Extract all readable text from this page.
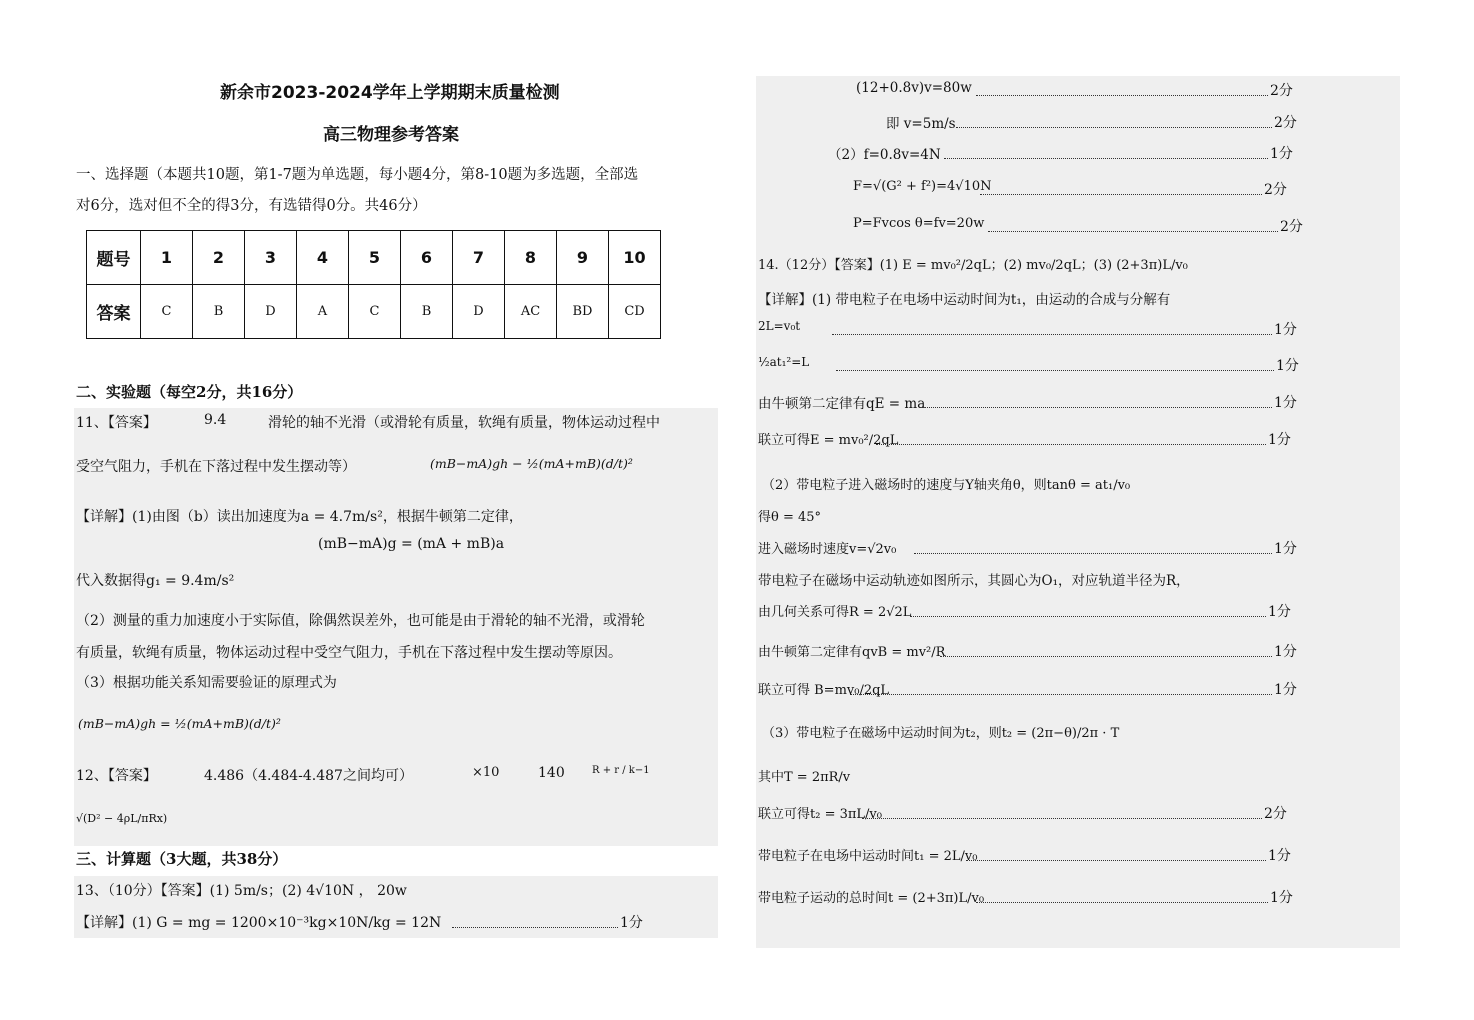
新余市2023-2024学年上学期期末质量检测
高三物理参考答案
一、选择题（本题共10题，第1-7题为单选题，每小题4分，第8-10题为多选题，全部选
对6分，选对但不全的得3分，有选错得0分。共46分）
题号	1	2	3	4	5	6	7	8	9	10
答案	C	B	D	A	C	B	D	AC	BD	CD
二、实验题（每空2分，共16分）
11、【答案】	9.4	滑轮的轴不光滑（或滑轮有质量，软绳有质量，物体运动过程中
受空气阻力，手机在下落过程中发生摆动等）	(mB−mA)gh − ½(mA+mB)(d/t)²
【详解】(1)由图（b）读出加速度为a = 4.7m/s²，根据牛顿第二定律，
(mB−mA)g = (mA + mB)a
代入数据得g₁ = 9.4m/s²
（2）测量的重力加速度小于实际值，除偶然误差外，也可能是由于滑轮的轴不光滑，或滑轮
有质量，软绳有质量，物体运动过程中受空气阻力，手机在下落过程中发生摆动等原因。
（3）根据功能关系知需要验证的原理式为
(mB−mA)gh = ½(mA+mB)(d/t)²
12、【答案】	4.486（4.484-4.487之间均可）	×10	140	R + r / k−1
√(D² − 4ρL/πRx)
三、计算题（3大题，共38分）
13、（10分）【答案】(1) 5m/s；(2) 4√10N ， 20w
【详解】(1) G = mg = 1200×10⁻³kg×10N/kg = 12N	1分
(12+0.8v)v=80w	2分
即 v=5m/s	2分
（2）f=0.8v=4N	1分
F=√(G² + f²)=4√10N	2分
P=Fvcos θ=fv=20w	2分
14.（12分）【答案】(1) E = mv₀²/2qL；(2) mv₀/2qL；(3) (2+3π)L/v₀
【详解】(1) 带电粒子在电场中运动时间为t₁，由运动的合成与分解有
2L=v₀t	1分
½at₁²=L	1分
由牛顿第二定律有qE = ma	1分
联立可得E = mv₀²/2qL	1分
（2）带电粒子进入磁场时的速度与Y轴夹角θ，则tanθ = at₁/v₀
得θ = 45°
进入磁场时速度v=√2v₀	1分
带电粒子在磁场中运动轨迹如图所示，其圆心为O₁，对应轨道半径为R，
由几何关系可得R = 2√2L	1分
由牛顿第二定律有qvB = mv²/R	1分
联立可得 B=mv₀/2qL	1分
（3）带电粒子在磁场中运动时间为t₂，则t₂ = (2π−θ)/2π · T
其中T = 2πR/v
联立可得t₂ = 3πL/v₀	2分
带电粒子在电场中运动时间t₁ = 2L/v₀	1分
带电粒子运动的总时间t = (2+3π)L/v₀	1分
